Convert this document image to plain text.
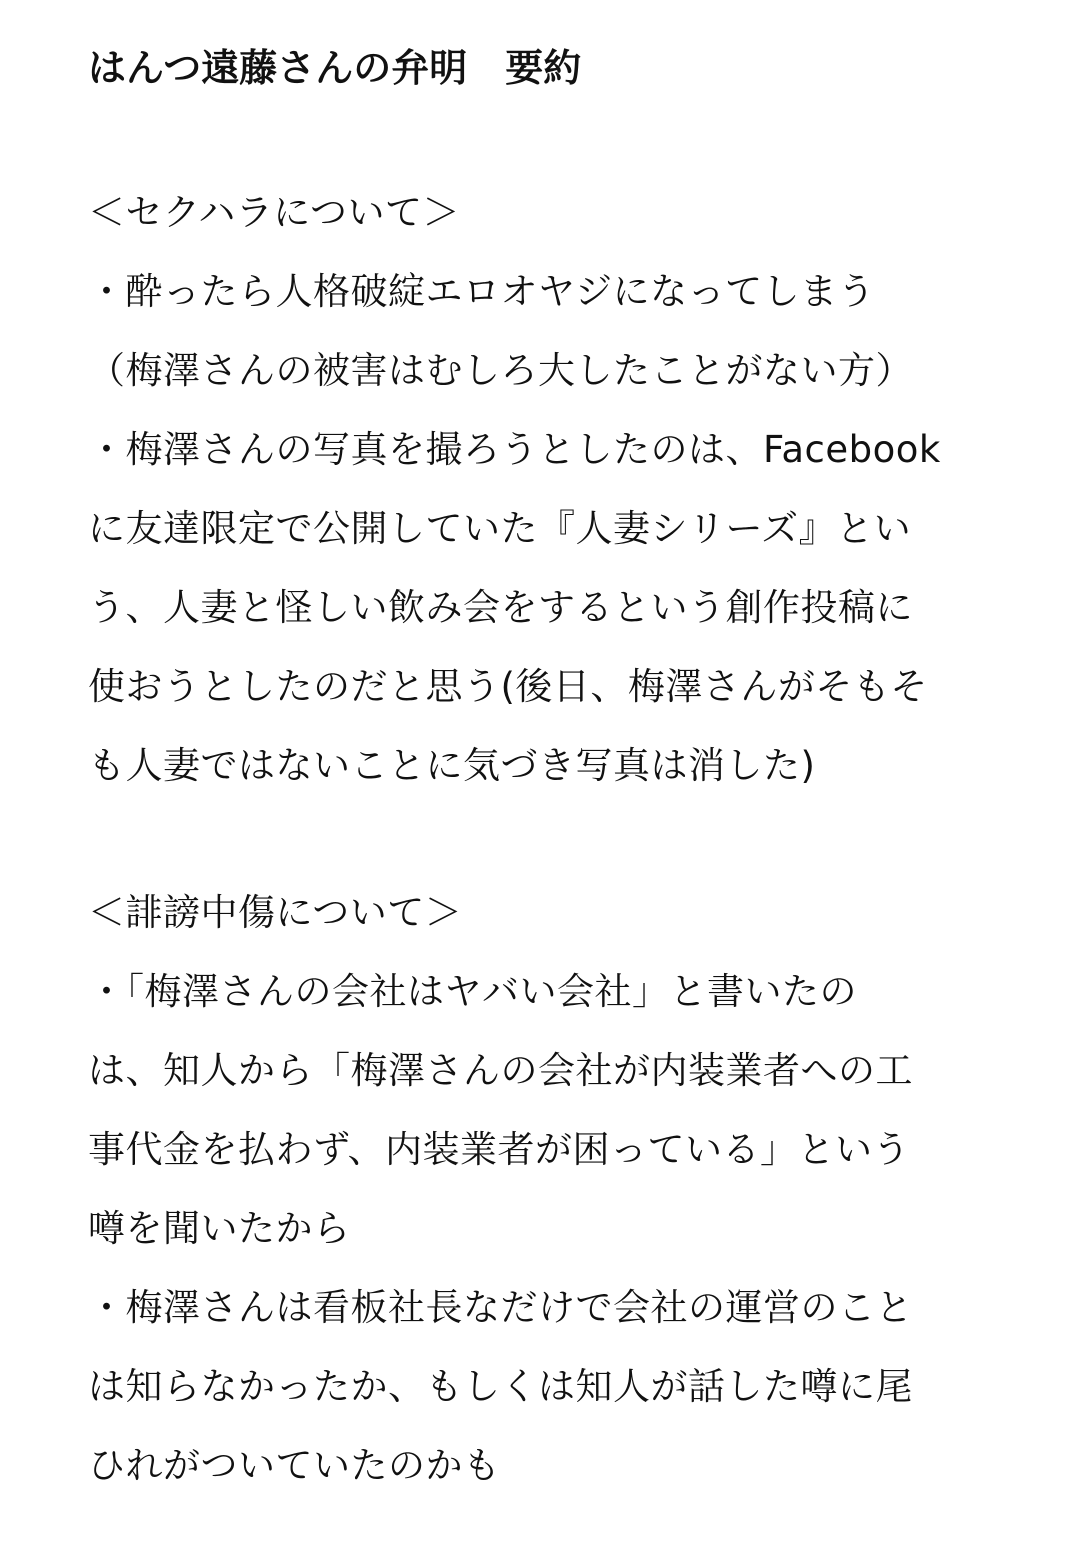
はんつ遠藤さんの弁明　要約
＜セクハラについて＞
・酔ったら人格破綻エロオヤジになってしまう
（梅澤さんの被害はむしろ大したことがない方）
・梅澤さんの写真を撮ろうとしたのは、Facebook
に友達限定で公開していた『人妻シリーズ』とい
う、人妻と怪しい飲み会をするという創作投稿に
使おうとしたのだと思う(後日、梅澤さんがそもそ
も人妻ではないことに気づき写真は消した)
＜誹謗中傷について＞
・「梅澤さんの会社はヤバい会社」と書いたの
は、知人から「梅澤さんの会社が内装業者への工
事代金を払わず、内装業者が困っている」という
噂を聞いたから
・梅澤さんは看板社長なだけで会社の運営のこと
は知らなかったか、もしくは知人が話した噂に尾
ひれがついていたのかも
